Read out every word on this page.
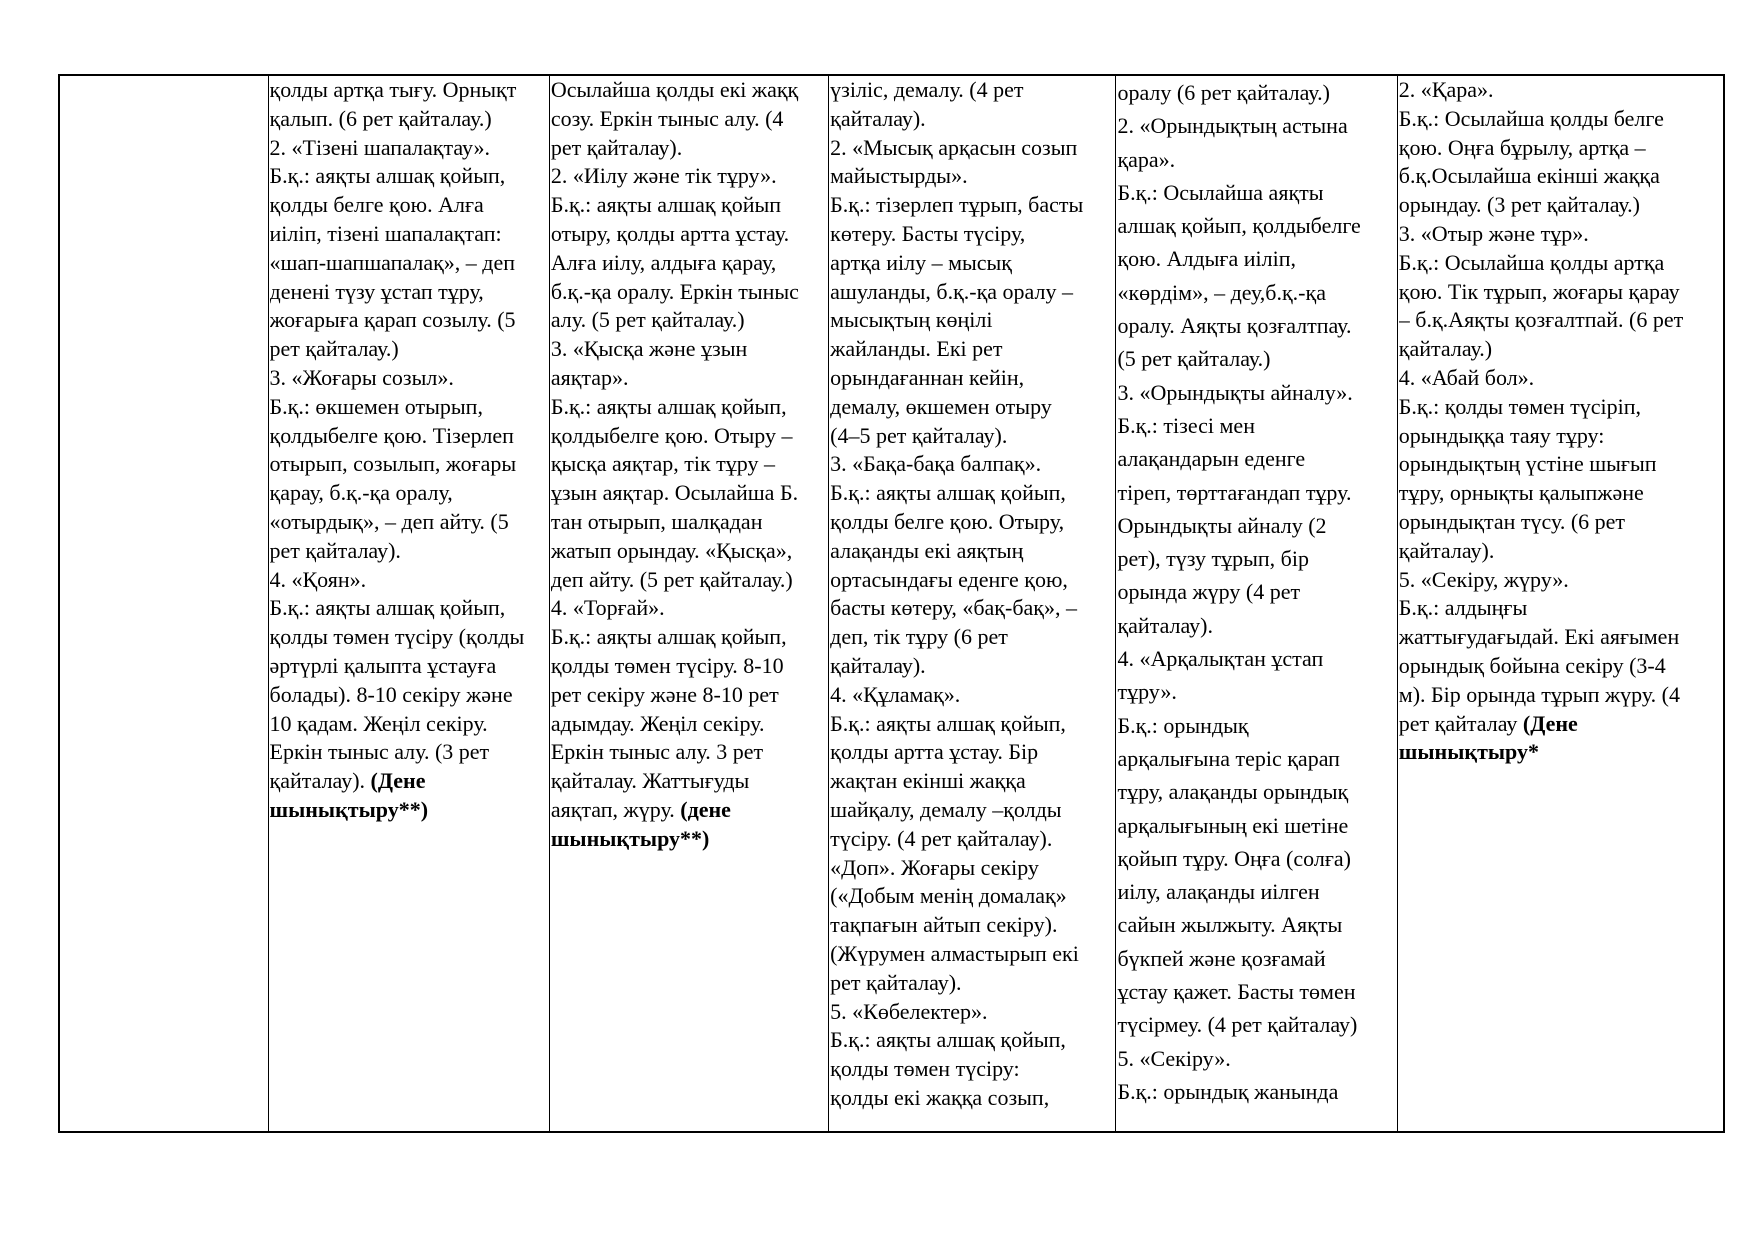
қолды артқа тығу. Орнықт
қалып. (6 рет қайталау.)
2. «Тізені шапалақтау».
Б.қ.: аяқты алшақ қойып,
қолды белге қою. Алға
иіліп, тізені шапалақтап:
«шап-шапшапалақ», – деп
денені түзу ұстап тұру,
жоғарыға қарап созылу. (5
рет қайталау.)
3. «Жоғары созыл».
Б.қ.: өкшемен отырып,
қолдыбелге қою. Тізерлеп
отырып, созылып, жоғары
қарау, б.қ.-қа оралу,
«отырдық», – деп айту. (5
рет қайталау).
4. «Қоян».
Б.қ.: аяқты алшақ қойып,
қолды төмен түсіру (қолды
әртүрлі қалыпта ұстауға
болады). 8-10 секіру және
10 қадам. Жеңіл секіру.
Еркін тыныс алу. (3 рет
қайталау). (Дене
шынықтыру**)
Осылайша қолды екі жаққ
созу. Еркін тыныс алу. (4
рет қайталау).
2. «Иілу және тік тұру».
Б.қ.: аяқты алшақ қойып
отыру, қолды артта ұстау.
Алға иілу, алдыға қарау,
б.қ.-қа оралу. Еркін тыныс
алу. (5 рет қайталау.)
3. «Қысқа және ұзын
аяқтар».
Б.қ.: аяқты алшақ қойып,
қолдыбелге қою. Отыру –
қысқа аяқтар, тік тұру –
ұзын аяқтар. Осылайша Б.
тан отырып, шалқадан
жатып орындау. «Қысқа»,
деп айту. (5 рет қайталау.)
4. «Торғай».
Б.қ.: аяқты алшақ қойып,
қолды төмен түсіру. 8-10
рет секіру және 8-10 рет
адымдау. Жеңіл секіру.
Еркін тыныс алу. 3 рет
қайталау. Жаттығуды
аяқтап, жүру. (дене
шынықтыру**)
үзіліс, демалу. (4 рет
қайталау).
2. «Мысық арқасын созып
майыстырды».
Б.қ.: тізерлеп тұрып, басты
көтеру. Басты түсіру,
артқа иілу – мысық
ашуланды, б.қ.-қа оралу –
мысықтың көңілі
жайланды. Екі рет
орындағаннан кейін,
демалу, өкшемен отыру
(4–5 рет қайталау).
3. «Бақа-бақа балпақ».
Б.қ.: аяқты алшақ қойып,
қолды белге қою. Отыру,
алақанды екі аяқтың
ортасындағы еденге қою,
басты көтеру, «бақ-бақ», –
деп, тік тұру (6 рет
қайталау).
4. «Құламақ».
Б.қ.: аяқты алшақ қойып,
қолды артта ұстау. Бір
жақтан екінші жаққа
шайқалу, демалу –қолды
түсіру. (4 рет қайталау).
«Доп». Жоғары секіру
(«Добым менің домалақ»
тақпағын айтып секіру).
(Жүрумен алмастырып екі
рет қайталау).
5. «Көбелектер».
Б.қ.: аяқты алшақ қойып,
қолды төмен түсіру:
қолды екі жаққа созып,
оралу (6 рет қайталау.)
2. «Орындықтың астына
қара».
Б.қ.: Осылайша аяқты
алшақ қойып, қолдыбелге
қою. Алдыға иіліп,
«көрдім», – деу,б.қ.-қа
оралу. Аяқты қозғалтпау.
(5 рет қайталау.)
3. «Орындықты айналу».
Б.қ.: тізесі мен
алақандарын еденге
тіреп, төрттағандап тұру.
Орындықты айналу (2
рет), түзу тұрып, бір
орында жүру (4 рет
қайталау).
4. «Арқалықтан ұстап
тұру».
Б.қ.: орындық
арқалығына теріс қарап
тұру, алақанды орындық
арқалығының екі шетіне
қойып тұру. Оңға (солға)
иілу, алақанды иілген
сайын жылжыту. Аяқты
бүкпей және қозғамай
ұстау қажет. Басты төмен
түсірмеу. (4 рет қайталау)
5. «Секіру».
Б.қ.: орындық жанында
2. «Қара».
Б.қ.: Осылайша қолды белге
қою. Оңға бұрылу, артқа –
б.қ.Осылайша екінші жаққа
орындау. (3 рет қайталау.)
3. «Отыр және тұр».
Б.қ.: Осылайша қолды артқа
қою. Тік тұрып, жоғары қарау
– б.қ.Аяқты қозғалтпай. (6 рет
қайталау.)
4. «Абай бол».
Б.қ.: қолды төмен түсіріп,
орындыққа таяу тұру:
орындықтың үстіне шығып
тұру, орнықты қалыпжәне
орындықтан түсу. (6 рет
қайталау).
5. «Секіру, жүру».
Б.қ.: алдыңғы
жаттығудағыдай. Екі аяғымен
орындық бойына секіру (3-4
м). Бір орында тұрып жүру. (4
рет қайталау (Дене
шынықтыру*
